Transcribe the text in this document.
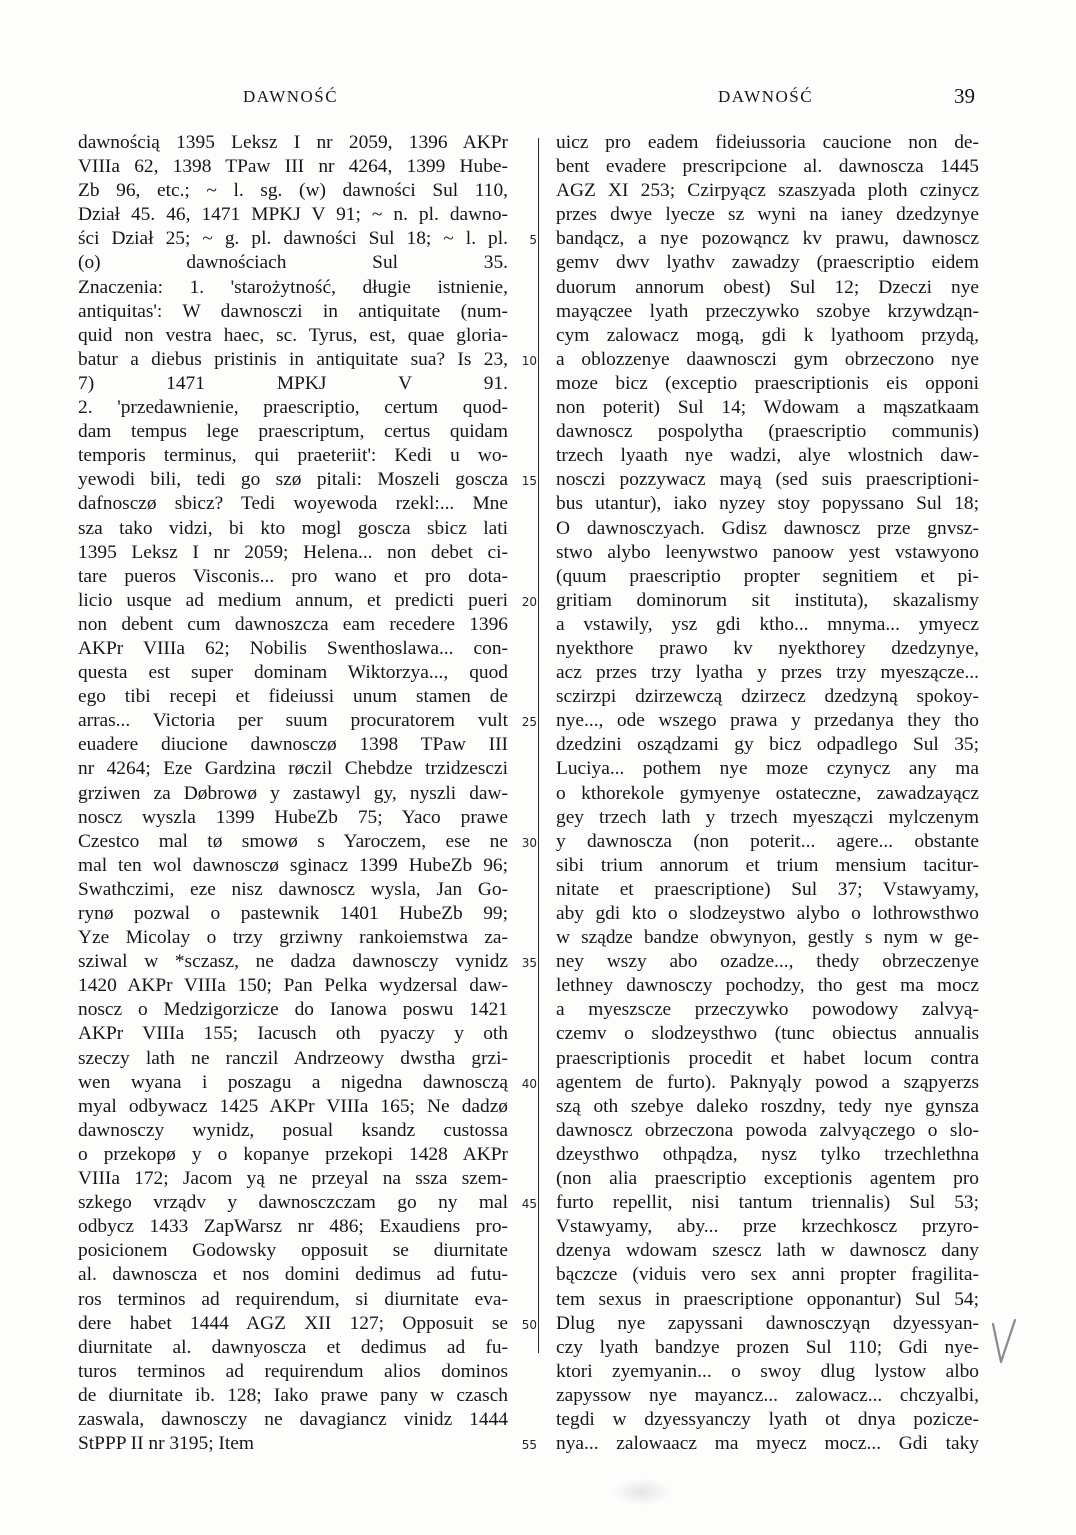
DAWNOŚĆ	DAWNOŚĆ	39
dawnością 1395 Leksz I nr 2059, 1396 AKPr
VIIIa 62, 1398 TPaw III nr 4264, 1399 Hube-
Zb 96, etc.; ~ l. sg. (w) dawności Sul 110,
Dział 45. 46, 1471 MPKJ V 91; ~ n. pl. dawno-
ści Dział 25; ~ g. pl. dawności Sul 18; ~ l. pl.
(o) dawnościach Sul 35.
Znaczenia: 1. 'starożytność, długie istnienie,
antiquitas': W dawnosczi in antiquitate (num-
quid non vestra haec, sc. Tyrus, est, quae gloria-
batur a diebus pristinis in antiquitate sua? Is 23,
7) 1471 MPKJ V 91.
2. 'przedawnienie, praescriptio, certum quod-
dam tempus lege praescriptum, certus quidam
temporis terminus, qui praeteriit': Kedi u wo-
yewodi bili, tedi go szø pitali: Moszeli goscza
dafnosczø sbicz? Tedi woyewoda rzekl:... Mne
sza tako vidzi, bi kto mogl goscza sbicz lati
1395 Leksz I nr 2059; Helena... non debet ci-
tare pueros Visconis... pro wano et pro dota-
licio usque ad medium annum, et predicti pueri
non debent cum dawnoszcza eam recedere 1396
AKPr VIIIa 62; Nobilis Swenthoslawa... con-
questa est super dominam Wiktorzya..., quod
ego tibi recepi et fideiussi unum stamen de
arras... Victoria per suum procuratorem vult
euadere diucione dawnosczø 1398 TPaw III
nr 4264; Eze Gardzina røczil Chebdze trzidzesczi
grziwen za Døbrowø y zastawyl gy, nyszli daw-
noscz wyszla 1399 HubeZb 75; Yaco prawe
Czestco mal tø smowø s Yaroczem, ese ne
mal ten wol dawnosczø sginacz 1399 HubeZb 96;
Swathczimi, eze nisz dawnoscz wysla, Jan Go-
rynø pozwal o pastewnik 1401 HubeZb 99;
Yze Micolay o trzy grziwny rankoiemstwa za-
sziwal w *sczasz, ne dadza dawnosczy vynidz
1420 AKPr VIIIa 150; Pan Pelka wydzersal daw-
noscz o Medzigorzicze do Ianowa poswu 1421
AKPr VIIIa 155; Iacusch oth pyaczy y oth
szeczy lath ne ranczil Andrzeowy dwstha grzi-
wen wyana i poszagu a nigedna dawnosczą
myal odbywacz 1425 AKPr VIIIa 165; Ne dadzø
dawnosczy wynidz, posual ksandz custossa
o przekopø y o kopanye przekopi 1428 AKPr
VIIIa 172; Jacom yą ne przeyal na ssza szem-
szkego vrządv y dawnosczczam go ny mal
odbycz 1433 ZapWarsz nr 486; Exaudiens pro-
posicionem Godowsky opposuit se diurnitate
al. dawnoscza et nos domini dedimus ad futu-
ros terminos ad requirendum, si diurnitate eva-
dere habet 1444 AGZ XII 127; Opposuit se
diurnitate al. dawnyoscza et dedimus ad fu-
turos terminos ad requirendum alios dominos
de diurnitate ib. 128; Iako prawe pany w czasch
zaswala, dawnosczy ne davagiancz vinidz 1444
StPPP II nr 3195; Item
5
10
15
20
25
30
35
40
45
50
55
uicz pro eadem fideiussoria caucione non de-
bent evadere prescripcione al. dawnoscza 1445
AGZ XI 253; Czirpyącz szaszyada ploth czinycz
przes dwye lyecze sz wyni na ianey dzedzynye
bandącz, a nye pozowąncz kv prawu, dawnoscz
gemv dwv lyathv zawadzy (praescriptio eidem
duorum annorum obest) Sul 12; Dzeczi nye
mayączee lyath przeczywko szobye krzywdząn-
cym zalowacz mogą, gdi k lyathoom przydą,
a oblozzenye daawnosczi gym obrzeczono nye
moze bicz (exceptio praescriptionis eis opponi
non poterit) Sul 14; Wdowam a mąszatkaam
dawnoscz pospolytha (praescriptio communis)
trzech lyaath nye wadzi, alye wlostnich daw-
nosczi pozzywacz mayą (sed suis praescriptioni-
bus utantur), iako nyzey stoy popyssano Sul 18;
O dawnosczyach. Gdisz dawnoscz prze gnvsz-
stwo alybo leenywstwo panoow yest vstawyono
(quum praescriptio propter segnitiem et pi-
gritiam dominorum sit instituta), skazalismy
a vstawily, ysz gdi ktho... mnyma... ymyecz
nyekthore prawo kv nyekthorey dzedzynye,
acz przes trzy lyatha y przes trzy myeszącze...
sczirzpi dzirzewczą dzirzecz dzedzyną spokoy-
nye..., ode wszego prawa y przedanya they tho
dzedzini osządzami gy bicz odpadlego Sul 35;
Luciya... pothem nye moze czynycz any ma
o kthorekole gymyenye ostateczne, zawadzayącz
gey trzech lath y trzech myeszączi mylczenym
y dawnoscza (non poterit... agere... obstante
sibi trium annorum et trium mensium tacitur-
nitate et praescriptione) Sul 37; Vstawyamy,
aby gdi kto o slodzeystwo alybo o lothrowsthwo
w sządze bandze obwynyon, gestly s nym w ge-
ney wszy abo ozadze..., thedy obrzeczenye
lethney dawnosczy pochodzy, tho gest ma mocz
a myeszscze przeczywko powodowy zalvyą-
czemv o slodzeysthwo (tunc obiectus annualis
praescriptionis procedit et habet locum contra
agentem de furto). Paknyąly powod a sząpyerzs
szą oth szebye daleko roszdny, tedy nye gynsza
dawnoscz obrzeczona powoda zalvyączego o slo-
dzeysthwo othpądza, nysz tylko trzechlethna
(non alia praescriptio exceptionis agentem pro
furto repellit, nisi tantum triennalis) Sul 53;
Vstawyamy, aby... prze krzechkoscz przyro-
dzenya wdowam szescz lath w dawnoscz dany
bączcze (viduis vero sex anni propter fragilita-
tem sexus in praescriptione opponantur) Sul 54;
Dlug nye zapyssani dawnosczyąn dzyessyan-
czy lyath bandzye prozen Sul 110; Gdi nye-
ktori zyemyanin... o swoy dlug lystow albo
zapyssow nye mayancz... zalowacz... chczyalbi,
tegdi w dzyessyanczy lyath ot dnya pozicze-
nya... zalowaacz ma myecz mocz... Gdi taky
